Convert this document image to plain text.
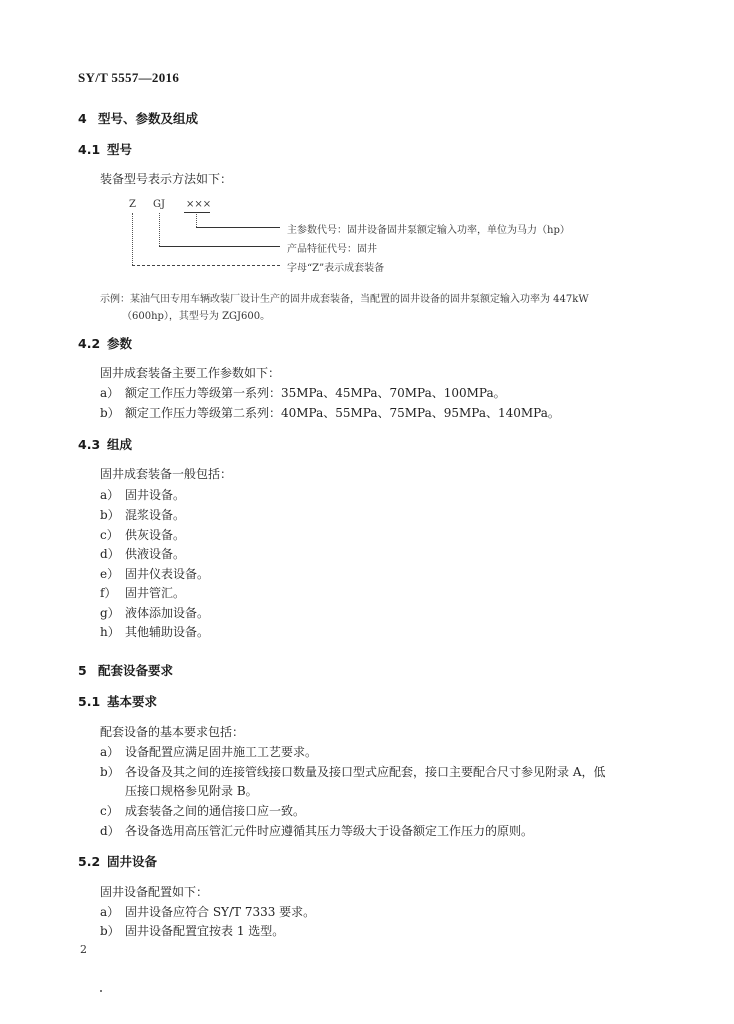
SY/T 5557—2016
4 型号、参数及组成
4.1 型号
装备型号表示方法如下：
Z GJ ×××
主参数代号：固井设备固井泵额定输入功率，单位为马力（hp）
产品特征代号：固井
字母“Z”表示成套装备
示例：某油气田专用车辆改装厂设计生产的固井成套装备，当配置的固井设备的固井泵额定输入功率为 447kW
（600hp），其型号为 ZGJ600。
4.2 参数
固井成套装备主要工作参数如下：
a） 额定工作压力等级第一系列：35MPa、45MPa、70MPa、100MPa。
b） 额定工作压力等级第二系列：40MPa、55MPa、75MPa、95MPa、140MPa。
4.3 组成
固井成套装备一般包括：
a） 固井设备。
b） 混浆设备。
c） 供灰设备。
d） 供液设备。
e） 固井仪表设备。
f） 固井管汇。
g） 液体添加设备。
h） 其他辅助设备。
5 配套设备要求
5.1 基本要求
配套设备的基本要求包括：
a） 设备配置应满足固井施工工艺要求。
b） 各设备及其之间的连接管线接口数量及接口型式应配套，接口主要配合尺寸参见附录 A，低
压接口规格参见附录 B。
c） 成套装备之间的通信接口应一致。
d） 各设备选用高压管汇元件时应遵循其压力等级大于设备额定工作压力的原则。
5.2 固井设备
固井设备配置如下：
a） 固井设备应符合 SY/T 7333 要求。
b） 固井设备配置宜按表 1 选型。
2
